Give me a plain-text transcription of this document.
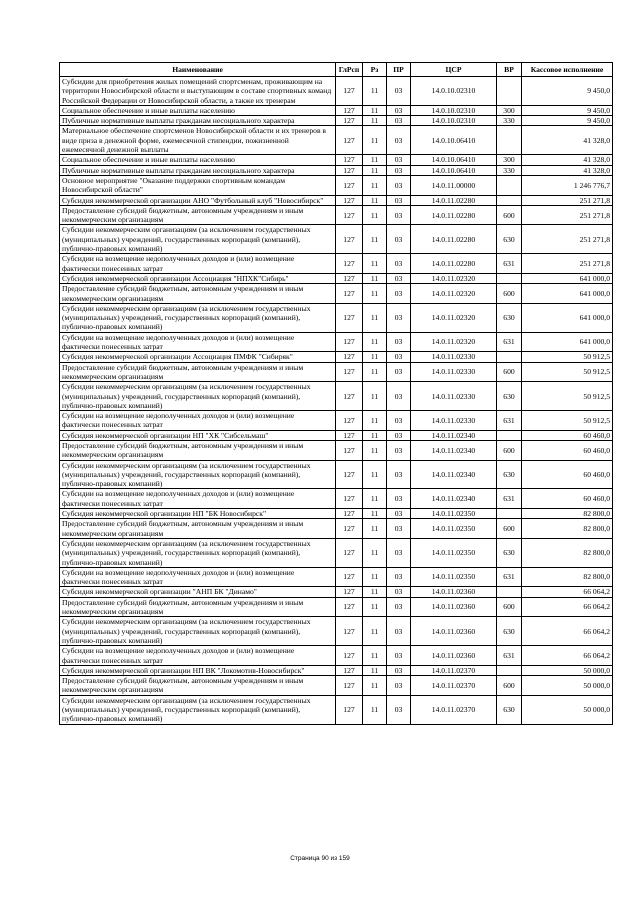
Наименование	ГлРсп	Рз	ПР	ЦСР	ВР	Кассовое исполнение
Субсидии для приобретения жилых помещений спортсменам, проживающим на территории Новосибирской области и выступающим в составе спортивных команд Российской Федерации от Новосибирской области, а также их тренерам	127	11	03	14.0.10.02310		9 450,0
Социальное обеспечение и иные выплаты населению	127	11	03	14.0.10.02310	300	9 450,0
Публичные нормативные выплаты гражданам несоциального характера	127	11	03	14.0.10.02310	330	9 450,0
Материальное обеспечение спортсменов Новосибирской области и их тренеров в виде приза в денежной форме, ежемесячной стипендии, пожизненной ежемесячной денежной выплаты	127	11	03	14.0.10.06410		41 328,0
Социальное обеспечение и иные выплаты населению	127	11	03	14.0.10.06410	300	41 328,0
Публичные нормативные выплаты гражданам несоциального характера	127	11	03	14.0.10.06410	330	41 328,0
Основное мероприятие "Оказание поддержки спортивным командам Новосибирской области"	127	11	03	14.0.11.00000		1 246 776,7
Субсидия некоммерческой организации АНО "Футбольный клуб "Новосибирск"	127	11	03	14.0.11.02280		251 271,8
Предоставление субсидий бюджетным, автономным учреждениям и иным некоммерческим организациям	127	11	03	14.0.11.02280	600	251 271,8
Субсидии некоммерческим организациям (за исключением государственных (муниципальных) учреждений, государственных корпораций (компаний), публично-правовых компаний)	127	11	03	14.0.11.02280	630	251 271,8
Субсидии на возмещение недополученных доходов и (или) возмещение фактически понесенных затрат	127	11	03	14.0.11.02280	631	251 271,8
Субсидия некоммерческой организации Ассоциация "НПХК"Сибирь"	127	11	03	14.0.11.02320		641 000,0
Предоставление субсидий бюджетным, автономным учреждениям и иным некоммерческим организациям	127	11	03	14.0.11.02320	600	641 000,0
Субсидии некоммерческим организациям (за исключением государственных (муниципальных) учреждений, государственных корпораций (компаний), публично-правовых компаний)	127	11	03	14.0.11.02320	630	641 000,0
Субсидии на возмещение недополученных доходов и (или) возмещение фактически понесенных затрат	127	11	03	14.0.11.02320	631	641 000,0
Субсидия некоммерческой организации Ассоциация ПМФК "Сибиряк"	127	11	03	14.0.11.02330		50 912,5
Предоставление субсидий бюджетным, автономным учреждениям и иным некоммерческим организациям	127	11	03	14.0.11.02330	600	50 912,5
Субсидии некоммерческим организациям (за исключением государственных (муниципальных) учреждений, государственных корпораций (компаний), публично-правовых компаний)	127	11	03	14.0.11.02330	630	50 912,5
Субсидии на возмещение недополученных доходов и (или) возмещение фактически понесенных затрат	127	11	03	14.0.11.02330	631	50 912,5
Субсидия некоммерческой организации НП "ХК "Сибсельмаш"	127	11	03	14.0.11.02340		60 460,0
Предоставление субсидий бюджетным, автономным учреждениям и иным некоммерческим организациям	127	11	03	14.0.11.02340	600	60 460,0
Субсидии некоммерческим организациям (за исключением государственных (муниципальных) учреждений, государственных корпораций (компаний), публично-правовых компаний)	127	11	03	14.0.11.02340	630	60 460,0
Субсидии на возмещение недополученных доходов и (или) возмещение фактически понесенных затрат	127	11	03	14.0.11.02340	631	60 460,0
Субсидия некоммерческой организации НП "БК Новосибирск"	127	11	03	14.0.11.02350		82 800,0
Предоставление субсидий бюджетным, автономным учреждениям и иным некоммерческим организациям	127	11	03	14.0.11.02350	600	82 800,0
Субсидии некоммерческим организациям (за исключением государственных (муниципальных) учреждений, государственных корпораций (компаний), публично-правовых компаний)	127	11	03	14.0.11.02350	630	82 800,0
Субсидии на возмещение недополученных доходов и (или) возмещение фактически понесенных затрат	127	11	03	14.0.11.02350	631	82 800,0
Субсидия некоммерческой организации "АНП БК "Динамо"	127	11	03	14.0.11.02360		66 064,2
Предоставление субсидий бюджетным, автономным учреждениям и иным некоммерческим организациям	127	11	03	14.0.11.02360	600	66 064,2
Субсидии некоммерческим организациям (за исключением государственных (муниципальных) учреждений, государственных корпораций (компаний), публично-правовых компаний)	127	11	03	14.0.11.02360	630	66 064,2
Субсидии на возмещение недополученных доходов и (или) возмещение фактически понесенных затрат	127	11	03	14.0.11.02360	631	66 064,2
Субсидия некоммерческой организации НП ВК "Локомотив-Новосибирск"	127	11	03	14.0.11.02370		50 000,0
Предоставление субсидий бюджетным, автономным учреждениям и иным некоммерческим организациям	127	11	03	14.0.11.02370	600	50 000,0
Субсидии некоммерческим организациям (за исключением государственных (муниципальных) учреждений, государственных корпораций (компаний), публично-правовых компаний)	127	11	03	14.0.11.02370	630	50 000,0
Страница 90 из 159
